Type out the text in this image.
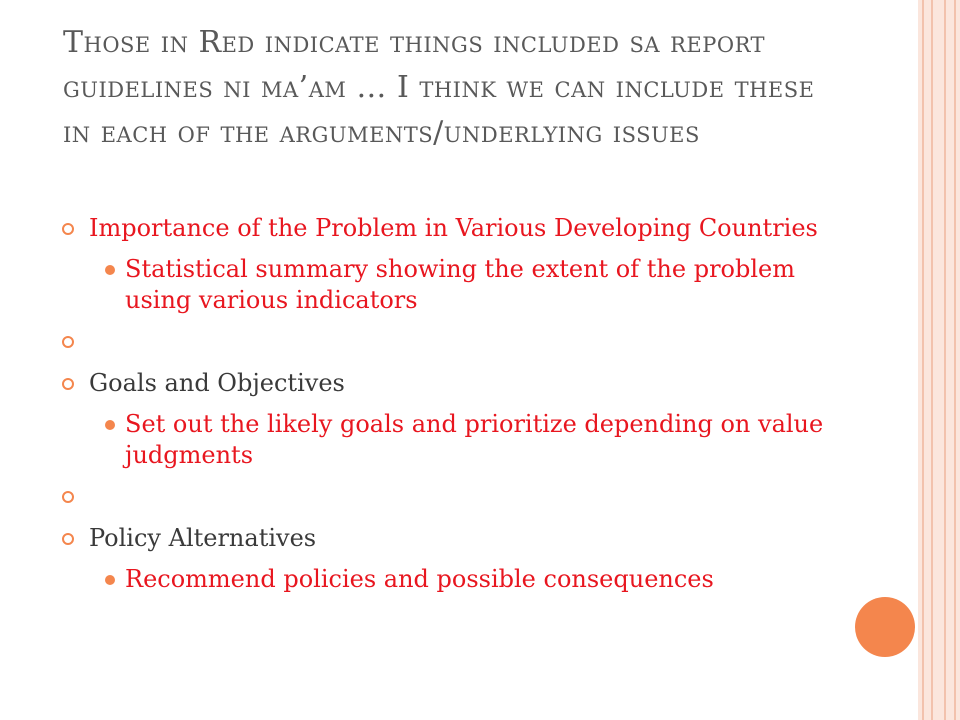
Those in Red indicate things included sa report guidelines ni ma’am … I think we can include these in each of the arguments/underlying issues
Importance of the Problem in Various Developing Countries
Statistical summary showing the extent of the problem using various indicators
Goals and Objectives
Set out the likely goals and prioritize depending on value judgments
Policy Alternatives
Recommend policies and possible consequences
